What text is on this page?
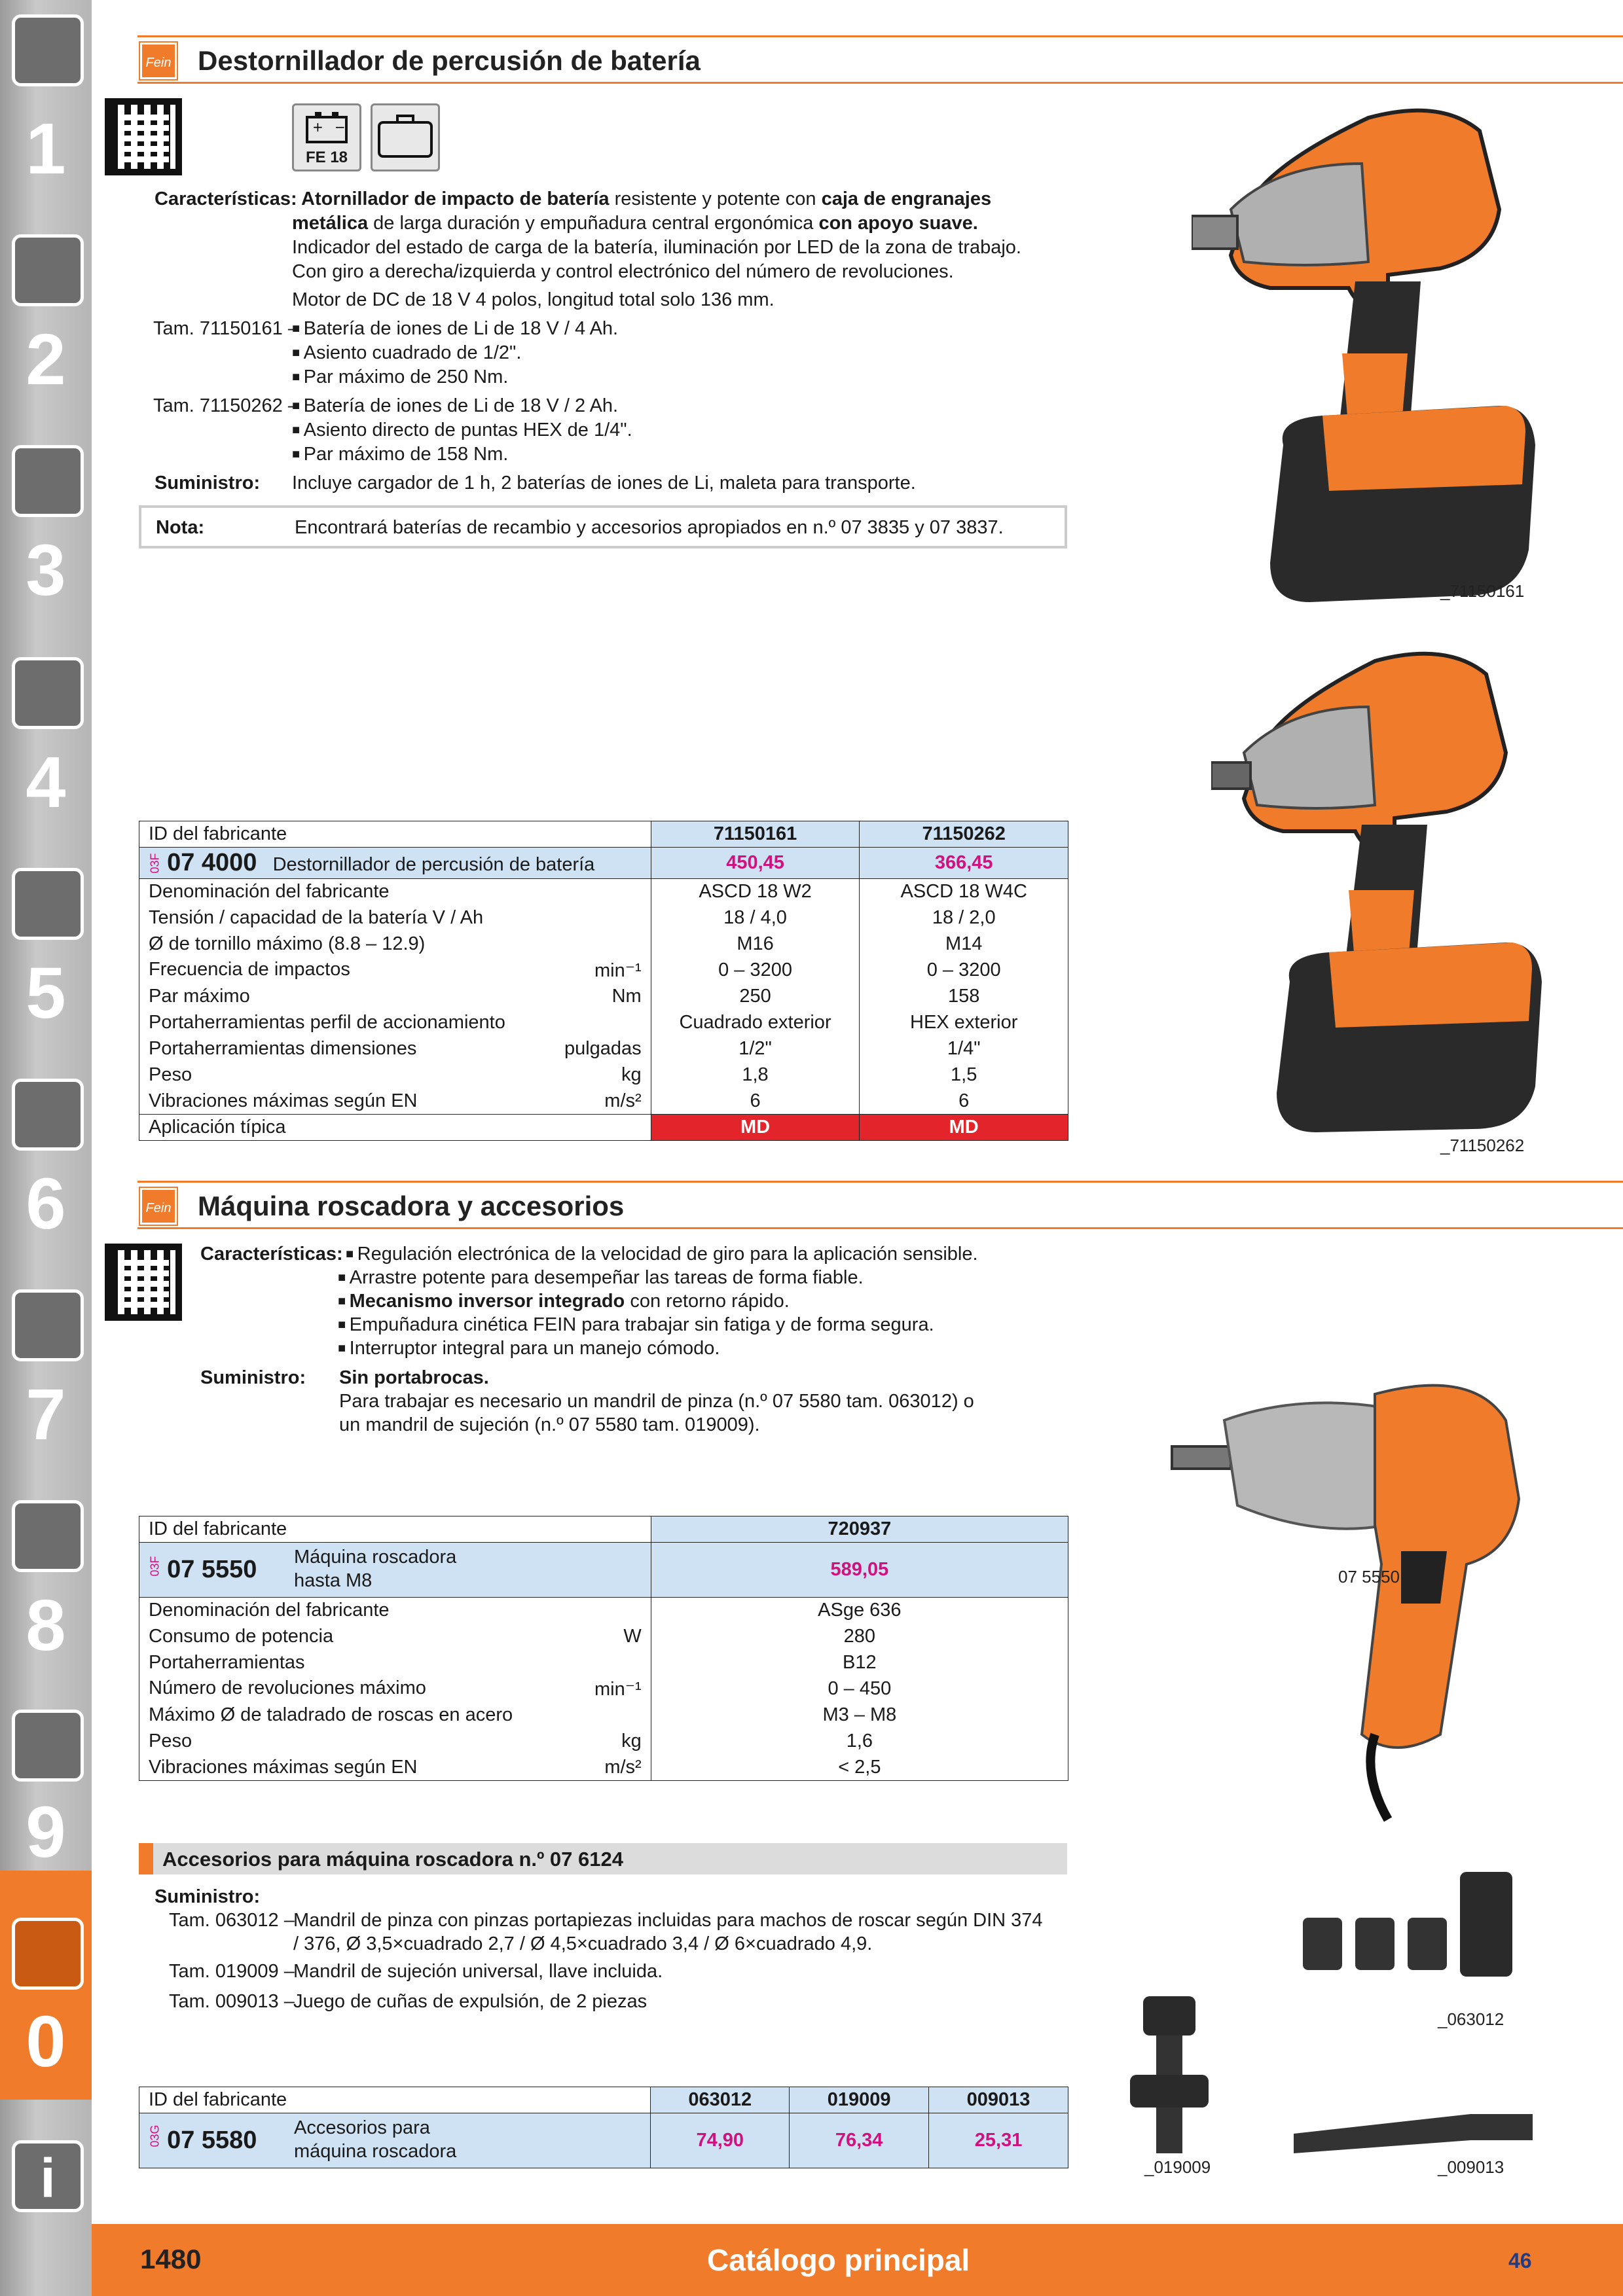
1
2
3
4
5
6
7
8
9
0
i
Fein Destornillador de percusión de batería
+ −
FE 18
Características: Atornillador de impacto de batería resistente y potente con caja de engranajes
metálica de larga duración y empuñadura central ergonómica con apoyo suave.
Indicador del estado de carga de la batería, iluminación por LED de la zona de trabajo.
Con giro a derecha/izquierda y control electrónico del número de revoluciones.
Motor de DC de 18 V 4 polos, longitud total solo 136 mm.
Tam. 71150161 – ■ Batería de iones de Li de 18 V / 4 Ah.
■ Asiento cuadrado de 1/2".
■ Par máximo de 250 Nm.
Tam. 71150262 – ■ Batería de iones de Li de 18 V / 2 Ah.
■ Asiento directo de puntas HEX de 1/4".
■ Par máximo de 158 Nm.
Suministro: Incluye cargador de 1 h, 2 baterías de iones de Li, maleta para transporte.
Nota:	Encontrará baterías de recambio y accesorios apropiados en n.º 07 3835 y 07 3837.
_71150161
_71150262
ID del fabricante	71150161	71150262
03F 07 4000 Destornillador de percusión de batería	450,45	366,45
Denominación del fabricante	ASCD 18 W2	ASCD 18 W4C
Tensión / capacidad de la batería V / Ah	18 / 4,0	18 / 2,0
Ø de tornillo máximo (8.8 – 12.9)	M16	M14
Frecuencia de impactos min⁻¹	0 – 3200	0 – 3200
Par máximo Nm	250	158
Portaherramientas perfil de accionamiento	Cuadrado exterior	HEX exterior
Portaherramientas dimensiones pulgadas	1/2"	1/4"
Peso kg	1,8	1,5
Vibraciones máximas según EN m/s²	6	6
Aplicación típica	MD	MD
Fein Máquina roscadora y accesorios
Características: ■ Regulación electrónica de la velocidad de giro para la aplicación sensible.
■ Arrastre potente para desempeñar las tareas de forma fiable.
■ Mecanismo inversor integrado con retorno rápido.
■ Empuñadura cinética FEIN para trabajar sin fatiga y de forma segura.
■ Interruptor integral para un manejo cómodo.
Suministro: Sin portabrocas.
Para trabajar es necesario un mandril de pinza (n.º 07 5580 tam. 063012) o
un mandril de sujeción (n.º 07 5580 tam. 019009).
07 5550
ID del fabricante	720937
03F 07 5550 Máquina roscadora
hasta M8	589,05
Denominación del fabricante	ASge 636
Consumo de potencia W	280
Portaherramientas	B12
Número de revoluciones máximo min⁻¹	0 – 450
Máximo Ø de taladrado de roscas en acero	M3 – M8
Peso kg	1,6
Vibraciones máximas según EN m/s²	< 2,5
Accesorios para máquina roscadora n.º 07 6124
Suministro:
Tam. 063012 –
Mandril de pinza con pinzas portapiezas incluidas para machos de roscar según DIN 374
/ 376, Ø 3,5×cuadrado 2,7 / Ø 4,5×cuadrado 3,4 / Ø 6×cuadrado 4,9.
Tam. 019009 –
Mandril de sujeción universal, llave incluida.
Tam. 009013 –
Juego de cuñas de expulsión, de 2 piezas
_063012
_019009	_009013
ID del fabricante	063012	019009	009013
03G 07 5580 Accesorios para
máquina roscadora	74,90	76,34	25,31
1480	Catálogo principal	46
